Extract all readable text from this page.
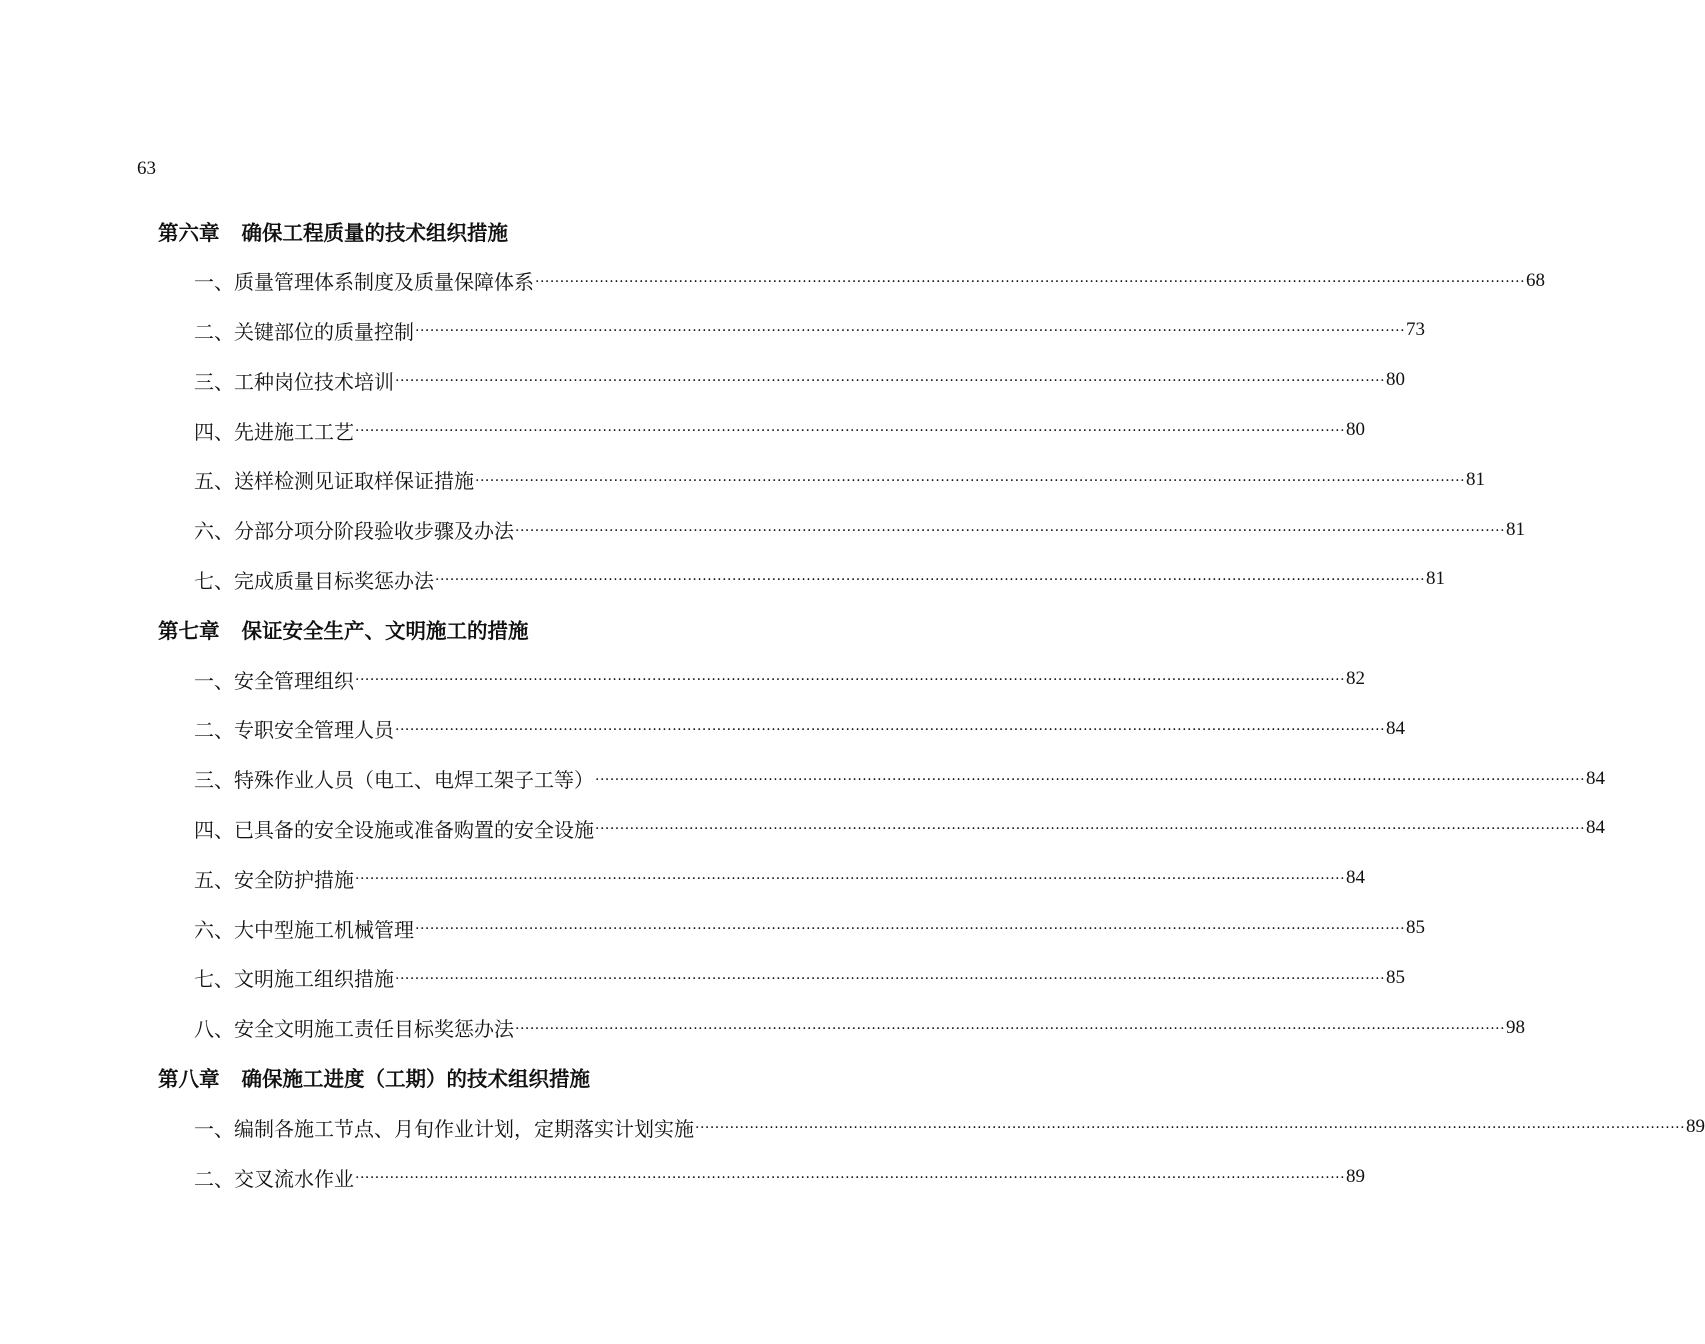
63
第六章 确保工程质量的技术组织措施
一、质量管理体系制度及质量保障体系 ········································································································································································································ 68
二、关键部位的质量控制 ········································································································································································································ 73
三、工种岗位技术培训 ········································································································································································································ 80
四、先进施工工艺 ········································································································································································································ 80
五、送样检测见证取样保证措施 ········································································································································································································ 81
六、分部分项分阶段验收步骤及办法 ········································································································································································································ 81
七、完成质量目标奖惩办法 ········································································································································································································ 81
第七章 保证安全生产、文明施工的措施
一、安全管理组织 ········································································································································································································ 82
二、专职安全管理人员 ········································································································································································································ 84
三、特殊作业人员（电工、电焊工架子工等） ········································································································································································································ 84
四、已具备的安全设施或准备购置的安全设施 ········································································································································································································ 84
五、安全防护措施 ········································································································································································································ 84
六、大中型施工机械管理 ········································································································································································································ 85
七、文明施工组织措施 ········································································································································································································ 85
八、安全文明施工责任目标奖惩办法 ········································································································································································································ 98
第八章 确保施工进度（工期）的技术组织措施
一、编制各施工节点、月旬作业计划，定期落实计划实施 ········································································································································································································ 89
二、交叉流水作业 ········································································································································································································ 89
